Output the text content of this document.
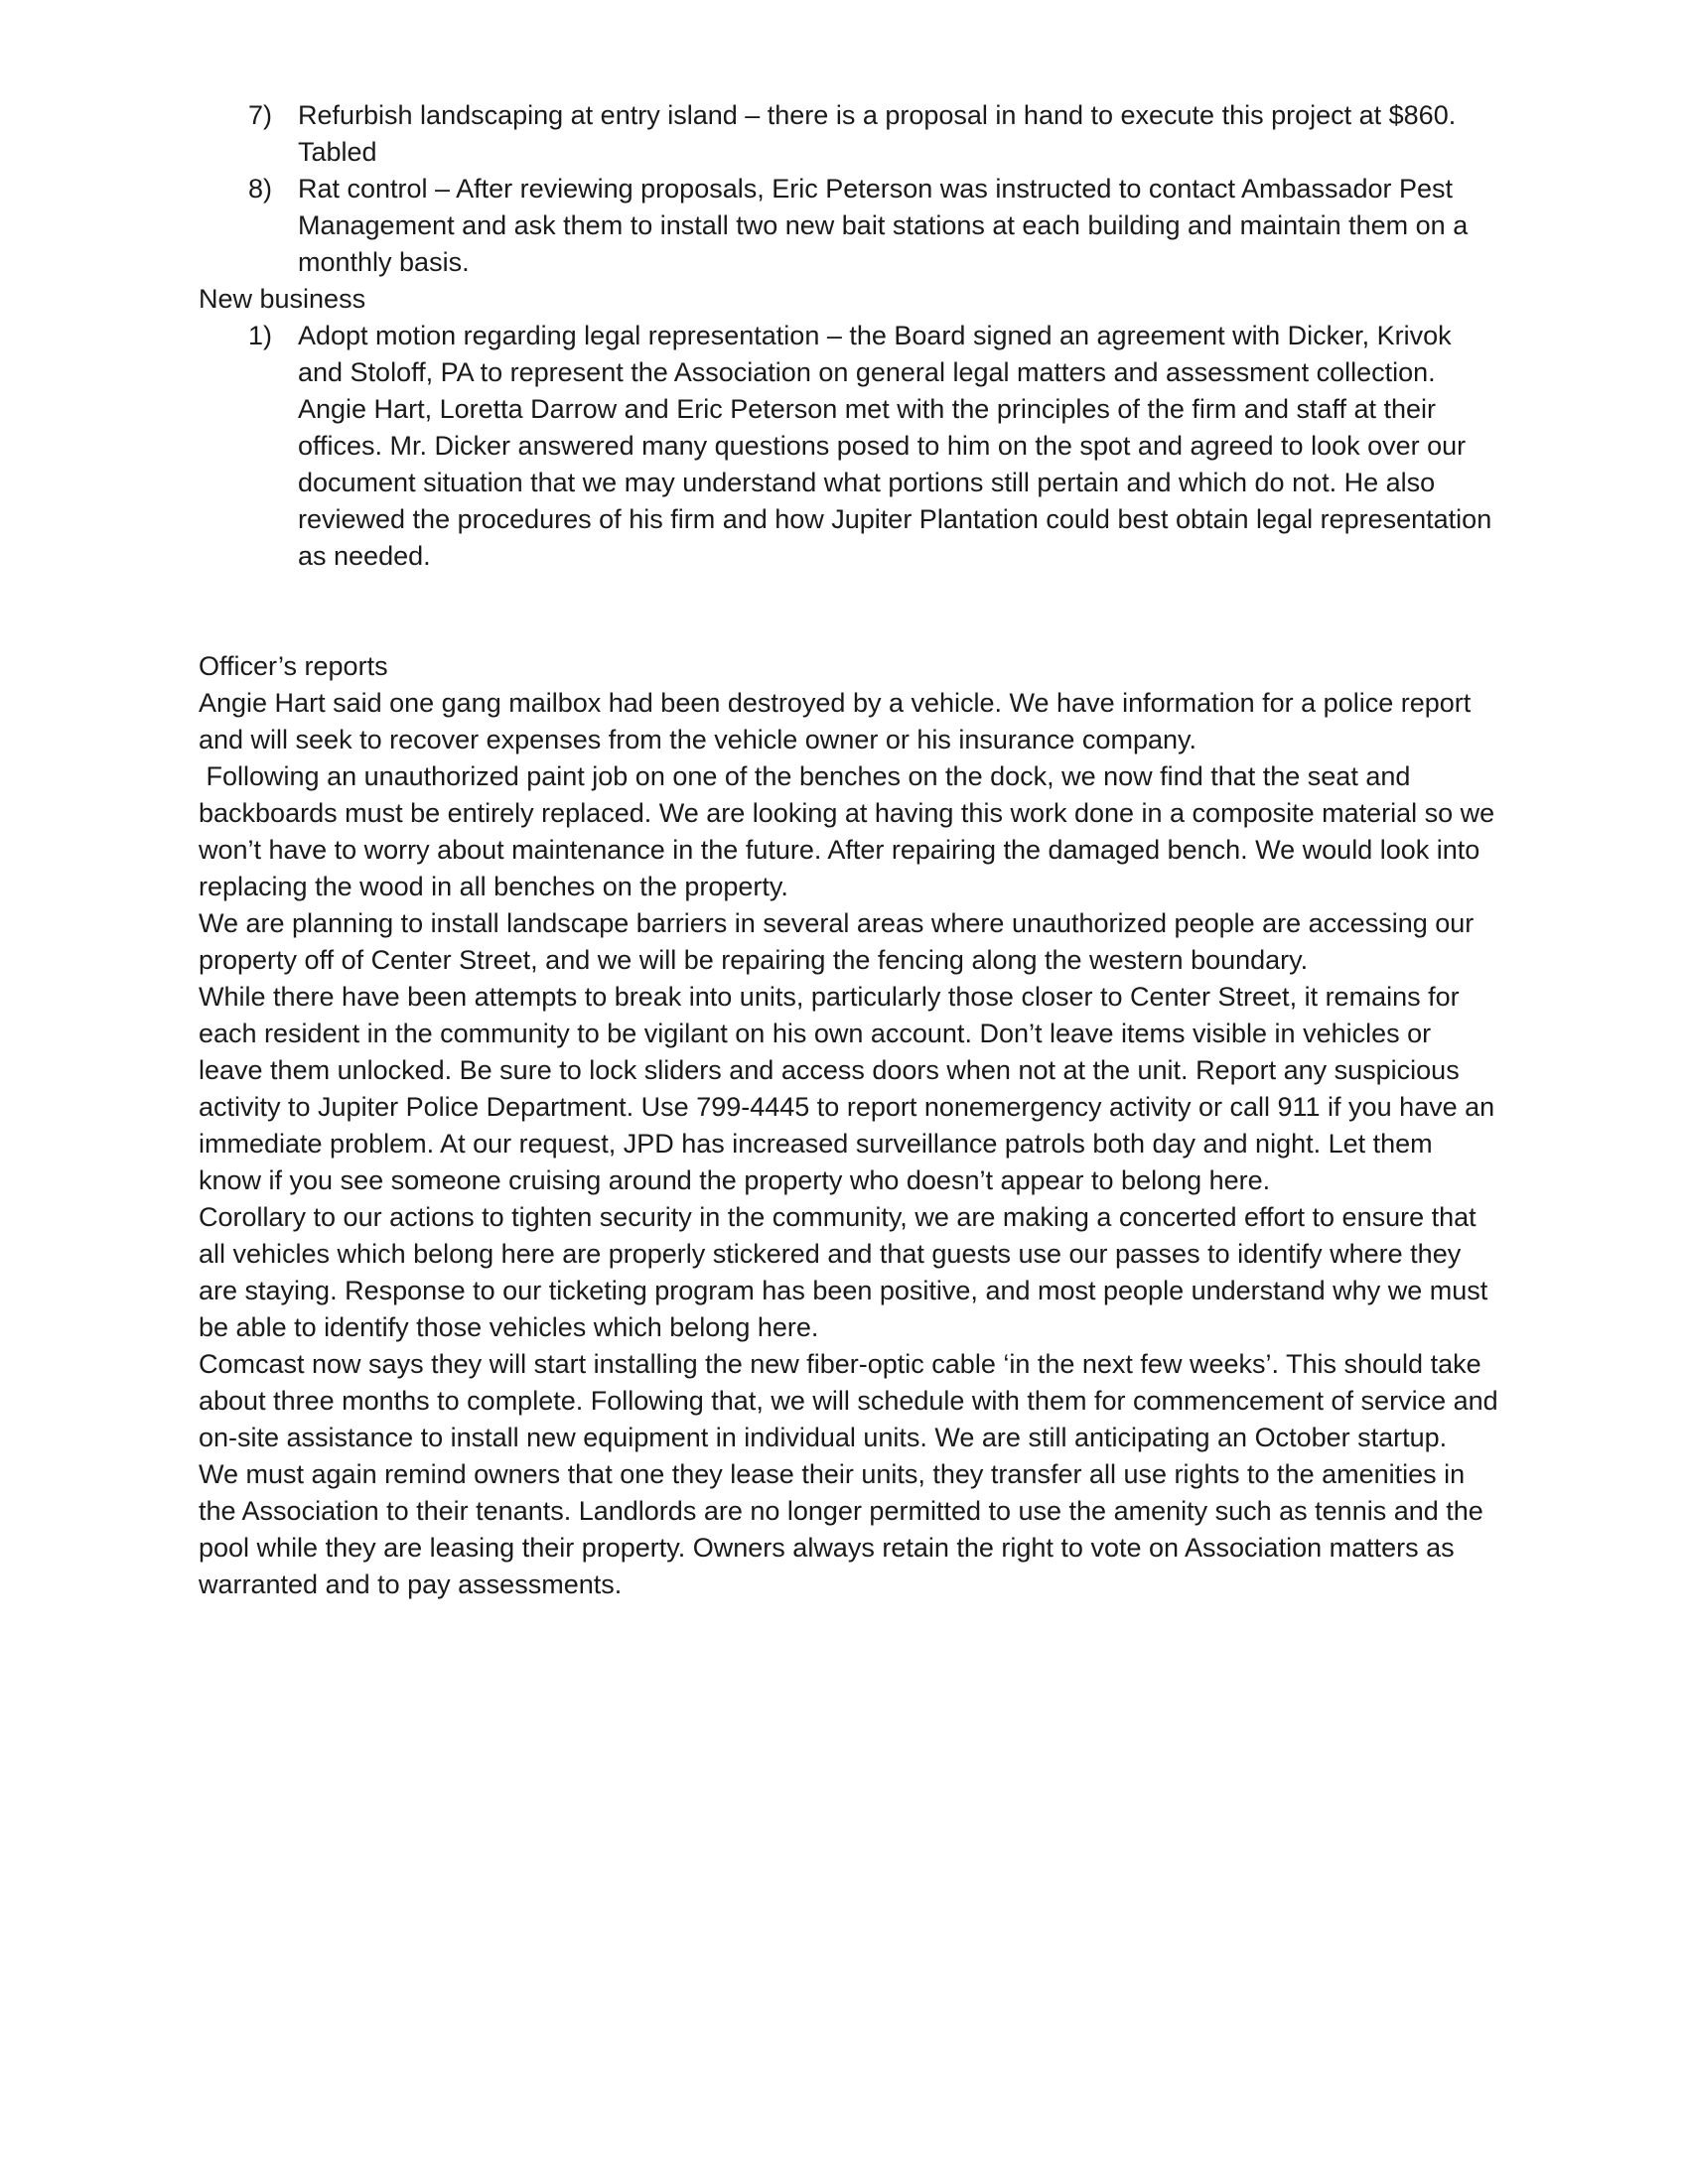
7) Refurbish landscaping at entry island – there is a proposal in hand to execute this project at $860. Tabled
8) Rat control – After reviewing proposals, Eric Peterson was instructed to contact Ambassador Pest Management and ask them to install two new bait stations at each building and maintain them on a monthly basis.
New business
1) Adopt motion regarding legal representation – the Board signed an agreement with Dicker, Krivok and Stoloff, PA to represent the Association on general legal matters and assessment collection. Angie Hart, Loretta Darrow and Eric Peterson met with the principles of the firm and staff at their offices. Mr. Dicker answered many questions posed to him on the spot and agreed to look over our document situation that we may understand what portions still pertain and which do not. He also reviewed the procedures of his firm and how Jupiter Plantation could best obtain legal representation as needed.
Officer’s reports

Angie Hart said one gang mailbox had been destroyed by a vehicle. We have information for a police report and will seek to recover expenses from the vehicle owner or his insurance company.

Following an unauthorized paint job on one of the benches on the dock, we now find that the seat and backboards must be entirely replaced. We are looking at having this work done in a composite material so we won’t have to worry about maintenance in the future. After repairing the damaged bench. We would look into replacing the wood in all benches on the property.

We are planning to install landscape barriers in several areas where unauthorized people are accessing our property off of Center Street, and we will be repairing the fencing along the western boundary.

While there have been attempts to break into units, particularly those closer to Center Street, it remains for each resident in the community to be vigilant on his own account. Don’t leave items visible in vehicles or leave them unlocked. Be sure to lock sliders and access doors when not at the unit. Report any suspicious activity to Jupiter Police Department. Use 799-4445 to report nonemergency activity or call 911 if you have an immediate problem. At our request, JPD has increased surveillance patrols both day and night. Let them know if you see someone cruising around the property who doesn’t appear to belong here.

Corollary to our actions to tighten security in the community, we are making a concerted effort to ensure that all vehicles which belong here are properly stickered and that guests use our passes to identify where they are staying. Response to our ticketing program has been positive, and most people understand why we must be able to identify those vehicles which belong here.

Comcast now says they will start installing the new fiber-optic cable ‘in the next few weeks’. This should take about three months to complete. Following that, we will schedule with them for commencement of service and on-site assistance to install new equipment in individual units. We are still anticipating an October startup.

We must again remind owners that one they lease their units, they transfer all use rights to the amenities in the Association to their tenants. Landlords are no longer permitted to use the amenity such as tennis and the pool while they are leasing their property. Owners always retain the right to vote on Association matters as warranted and to pay assessments.
